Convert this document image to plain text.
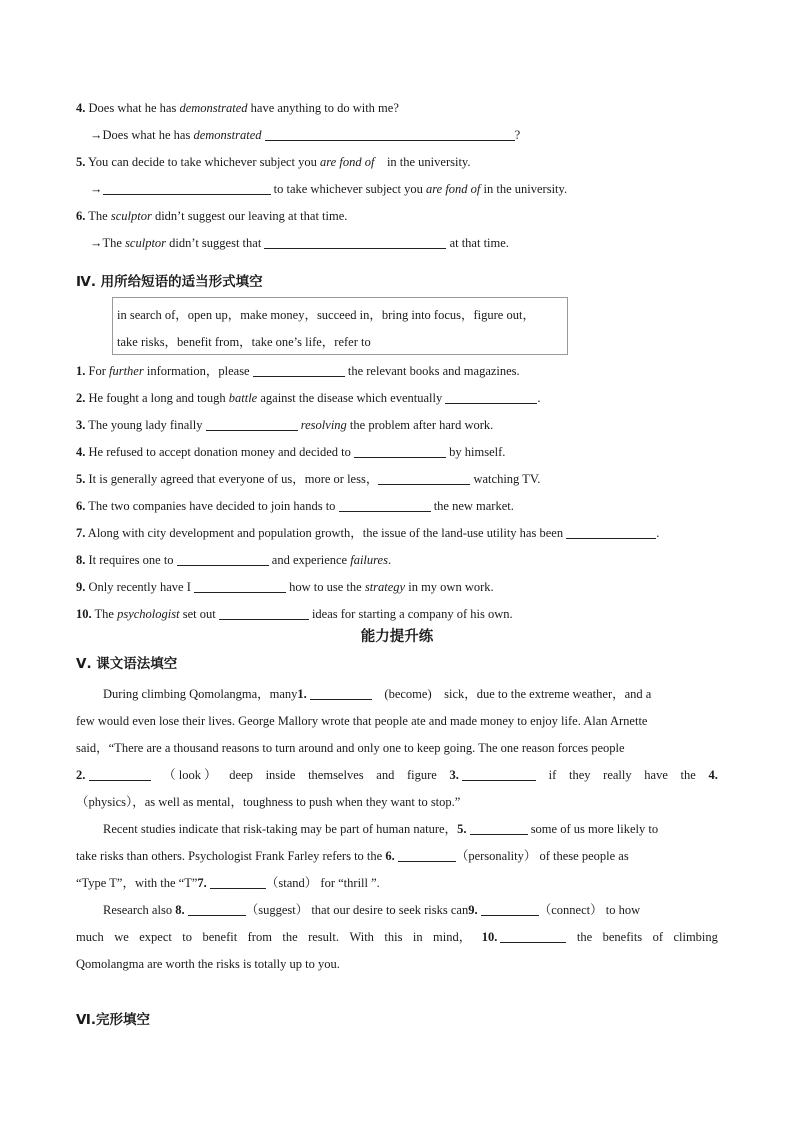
4. Does what he has demonstrated have anything to do with me?
→Does what he has demonstrated	?
5. You can decide to take whichever subject you are fond of    in the university.
→	to take whichever subject you are fond of in the university.
6. The sculptor didn’t suggest our leaving at that time.
→The sculptor didn’t suggest that	at that time.
Ⅳ. 用所给短语的适当形式填空
in search of，open up，make money，succeed in，bring into focus，figure out，
take risks，benefit from，take one’s life，refer to
1. For further information，please	the relevant books and magazines.
2. He fought a long and tough battle against the disease which eventually	.
3. The young lady finally	resolving the problem after hard work.
4. He refused to accept donation money and decided to	by himself.
5. It is generally agreed that everyone of us，more or less，	watching TV.
6. The two companies have decided to join hands to	the new market.
7. Along with city development and population growth，the issue of the land-use utility has been	.
8. It requires one to	and experience failures.
9. Only recently have I	how to use the strategy in my own work.
10. The psychologist set out	ideas for starting a company of his own.
能力提升练
Ⅴ. 课文语法填空
During climbing Qomolangma，many1.	(become)    sick，due to the extreme weather，and a
few would even lose their lives. George Mallory wrote that people ate and made money to enjoy life. Alan Arnette
said，“There are a thousand reasons to turn around and only one to keep going. The one reason forces people
2.	（ look ） deep inside themselves and figure 3.	if they really have the 4.
（physics），as well as mental，toughness to push when they want to stop.”
Recent studies indicate that risk-taking may be part of human nature，5.	some of us more likely to
take risks than others. Psychologist Frank Farley refers to the 6.	（personality） of these people as
“Type T”，with the “T”7.	（stand） for “thrill ”.
Research also 8.	（suggest） that our desire to seek risks can9.	（connect） to how
much we expect to benefit from the result. With this in mind， 10.	the benefits of climbing
Qomolangma are worth the risks is totally up to you.
Ⅵ.完形填空
